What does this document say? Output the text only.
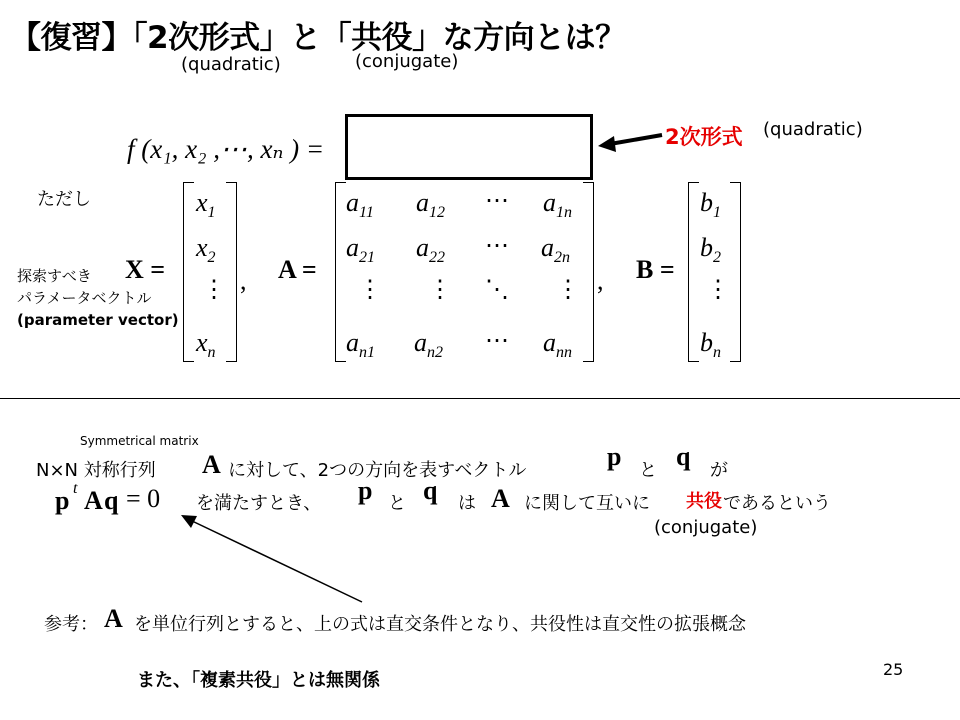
【復習】「2次形式」と「共役」な方向とは？
(quadratic)	(conjugate)
f (x₁, x₂ ,⋯, xₙ ) =	2次形式 (quadratic)
ただし
探索すべき
パラメータベクトル
(parameter vector)
X =
$x_1$
$x_2$
⋮
$x_n$
, A =
$a_{11}$ $a_{12}$ ⋯ $a_{1n}$
$a_{21}$ $a_{22}$ ⋯ $a_{2n}$
⋮ ⋮ ⋱ ⋮
$a_{n1}$ $a_{n2}$ ⋯ $a_{nn}$
, B =
$b_1$
$b_2$
⋮
$b_n$
Symmetrical matrix
N×N 対称行列 A に対して、2つの方向を表すベクトル	p と q が
p t A q = 0 を満たすとき、 p と q は A に関して互いに 共役 であるという
(conjugate)
参考： A を単位行列とすると、上の式は直交条件となり、共役性は直交性の拡張概念
また、「複素共役」とは無関係
25
